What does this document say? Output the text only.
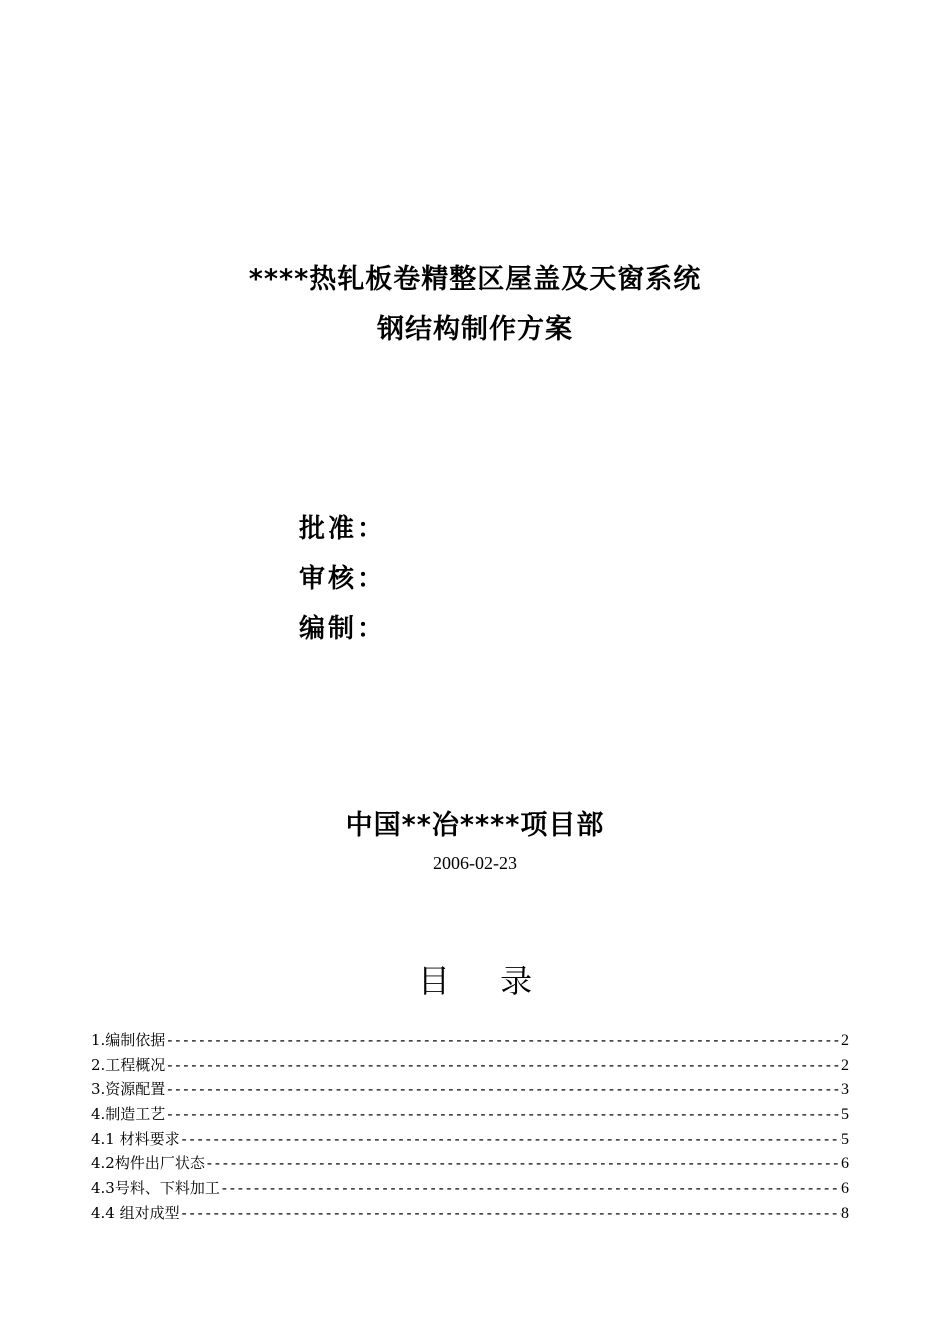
****热轧板卷精整区屋盖及天窗系统
钢结构制作方案
批准：
审核：
编制：
中国**冶****项目部
2006-02-23
目 录
1.编制依据 -----	2
2.工程概况 -----	2
3.资源配置 -----	3
4.制造工艺 -----	5
4.1 材料要求 -----	5
4.2构件出厂状态 -----	6
4.3号料、下料加工 -----	6
4.4 组对成型 -----	8
